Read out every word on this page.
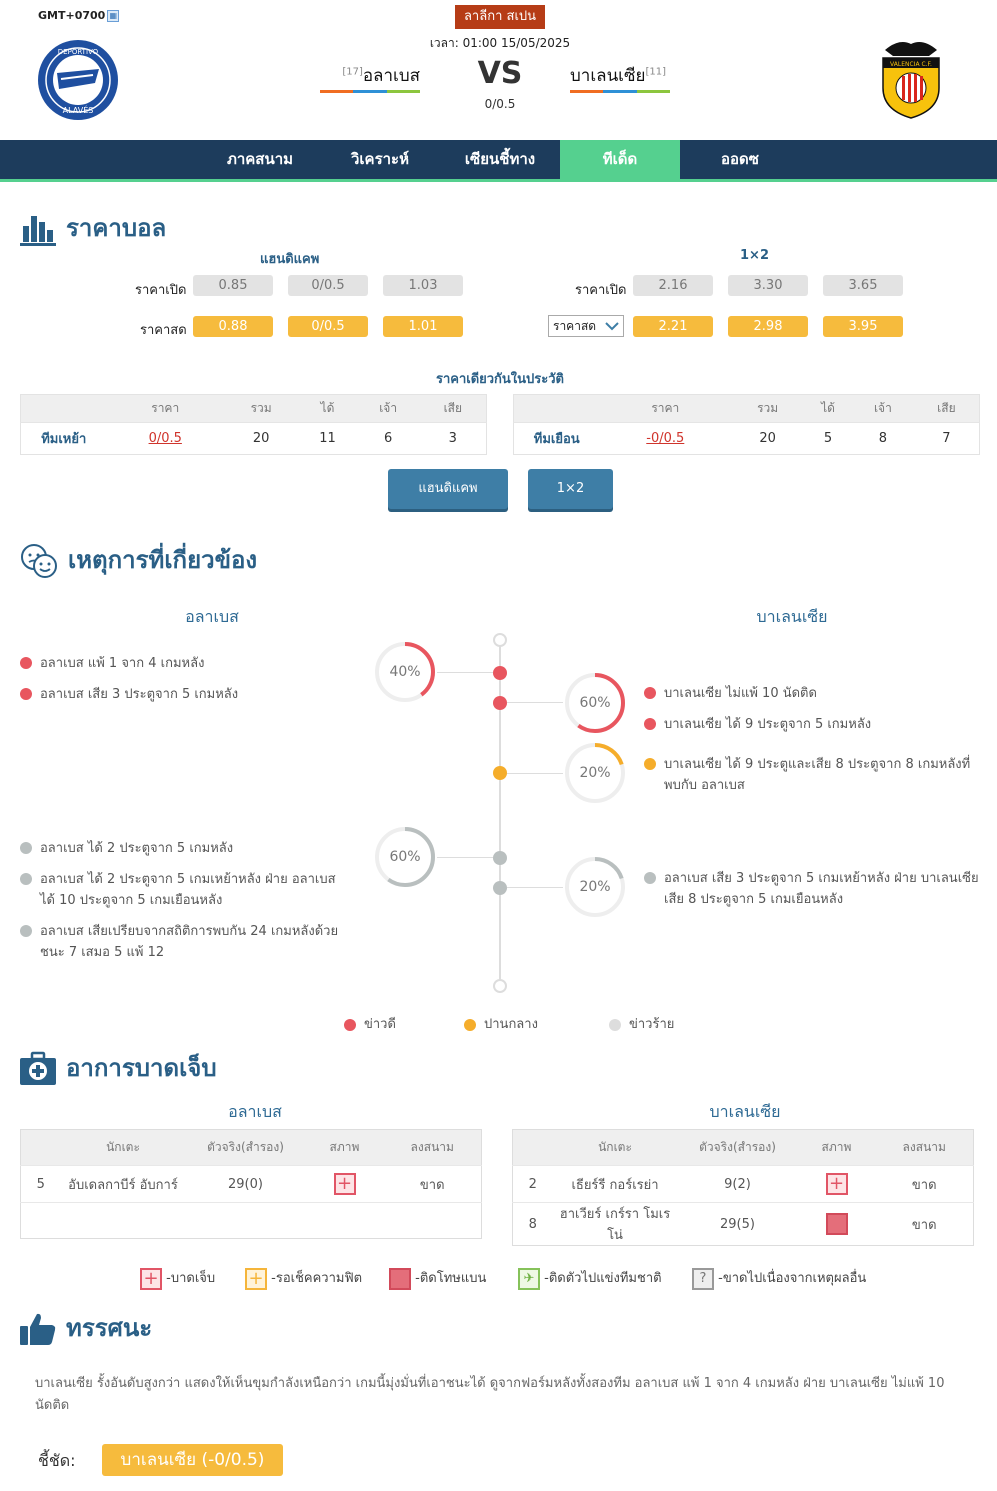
GMT+0700 ▦
DEPORTIVO
ALAVÉS
ลาลีกา สเปน
เวลา: 01:00 15/05/2025
[17]อลาเบส VS
0/0.5
บาเลนเซีย[11]
VALENCIA C.F.
ภาคสนาม	วิเคราะห์	เซียนชี้ทาง	ทีเด็ด	ออดซ
ราคาบอล
แฮนดิแคพ	1×2
ราคาเปิด	0.85	0/0.5	1.03
ราคาสด	0.88	0/0.5	1.01
ราคาเปิด	2.16	3.30	3.65
ราคาสด	2.21	2.98	3.95
ราคาเดียวกันในประวัติ
	ราคา	รวม	ได้	เจ้า	เสีย
ทีมเหย้า	0/0.5	20	11	6	3
	ราคา	รวม	ได้	เจ้า	เสีย
ทีมเยือน	-0/0.5	20	5	8	7
แฮนดิแคพ	1×2
เหตุการที่เกี่ยวข้อง
อลาเบส	บาเลนเซีย
40%
60%
20%
60%
20%
อลาเบส แพ้ 1 จาก 4 เกมหลัง
อลาเบส เสีย 3 ประตูจาก 5 เกมหลัง	บาเลนเซีย ไม่แพ้ 10 นัดติด
บาเลนเซีย ได้ 9 ประตูจาก 5 เกมหลัง
บาเลนเซีย ได้ 9 ประตูและเสีย 8 ประตูจาก 8 เกมหลังที่พบกับ อลาเบส
อลาเบส ได้ 2 ประตูจาก 5 เกมหลัง
อลาเบส ได้ 2 ประตูจาก 5 เกมเหย้าหลัง ฝ่าย อลาเบส ได้ 10 ประตูจาก 5 เกมเยือนหลัง
อลาเบส เสียเปรียบจากสถิติการพบกัน 24 เกมหลังด้วย ชนะ 7 เสมอ 5 แพ้ 12
อลาเบส เสีย 3 ประตูจาก 5 เกมเหย้าหลัง ฝ่าย บาเลนเซีย เสีย 8 ประตูจาก 5 เกมเยือนหลัง
ข่าวดี	ปานกลาง	ข่าวร้าย
อาการบาดเจ็บ
อลาเบส	บาเลนเซีย
	นักเตะ	ตัวจริง(สำรอง)	สภาพ	ลงสนาม
5	อับเดลกาบีร์ อับการ์	29(0)	+	ขาด

	นักเตะ	ตัวจริง(สำรอง)	สภาพ	ลงสนาม
2	เธียร์รี กอร์เรย่า	9(2)	+	ขาด
8	ฮาเวียร์ เกร์รา โมเรโน่	29(5)		ขาด
+ -บาดเจ็บ + -รอเช็คความฟิต	-ติดโทษแบน	✈ -ติดตัวไปแข่งทีมชาติ	? -ขาดไปเนื่องจากเหตุผลอื่น
ทรรศนะ
บาเลนเซีย รั้งอันดับสูงกว่า แสดงให้เห็นขุมกำลังเหนือกว่า เกมนี้มุ่งมั่นที่เอาชนะได้ ดูจากฟอร์มหลังทั้งสองทีม อลาเบส แพ้ 1 จาก 4 เกมหลัง ฝ่าย บาเลนเซีย ไม่แพ้ 10 นัดติด
ชี้ชัด:	บาเลนเซีย (-0/0.5)
